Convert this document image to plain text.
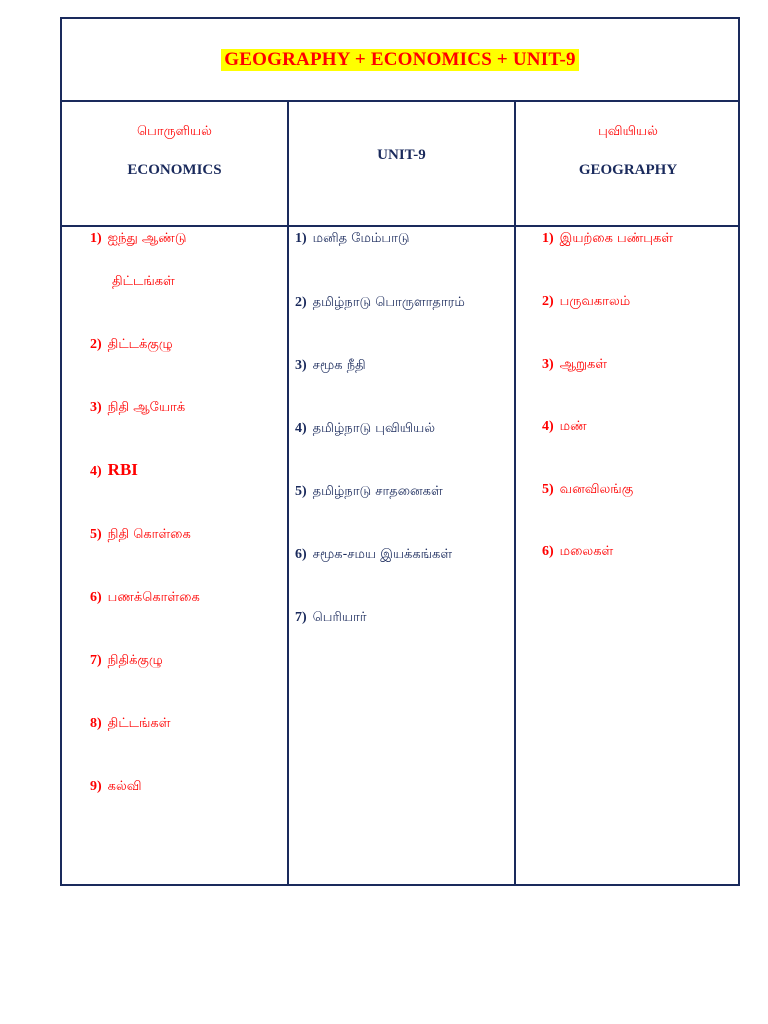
GEOGRAPHY + ECONOMICS + UNIT-9
பொருளியல்
ECONOMICS
UNIT-9
புவியியல்
GEOGRAPHY
1) ஐந்து ஆண்டு
திட்டங்கள்
2) திட்டக்குழு
3) நிதி ஆயோக்
4) RBI
5) நிதி கொள்கை
6) பணக்கொள்கை
7) நிதிக்குழு
8) திட்டங்கள்
9) கல்வி
1) மனித மேம்பாடு
2) தமிழ்நாடு பொருளாதாரம்
3) சமூக நீதி
4) தமிழ்நாடு புவியியல்
5) தமிழ்நாடு சாதனைகள்
6) சமூக-சமய இயக்கங்கள்
7) பெரியார்
1) இயற்கை பண்புகள்
2) பருவகாலம்
3) ஆறுகள்
4) மண்
5) வனவிலங்கு
6) மலைகள்
